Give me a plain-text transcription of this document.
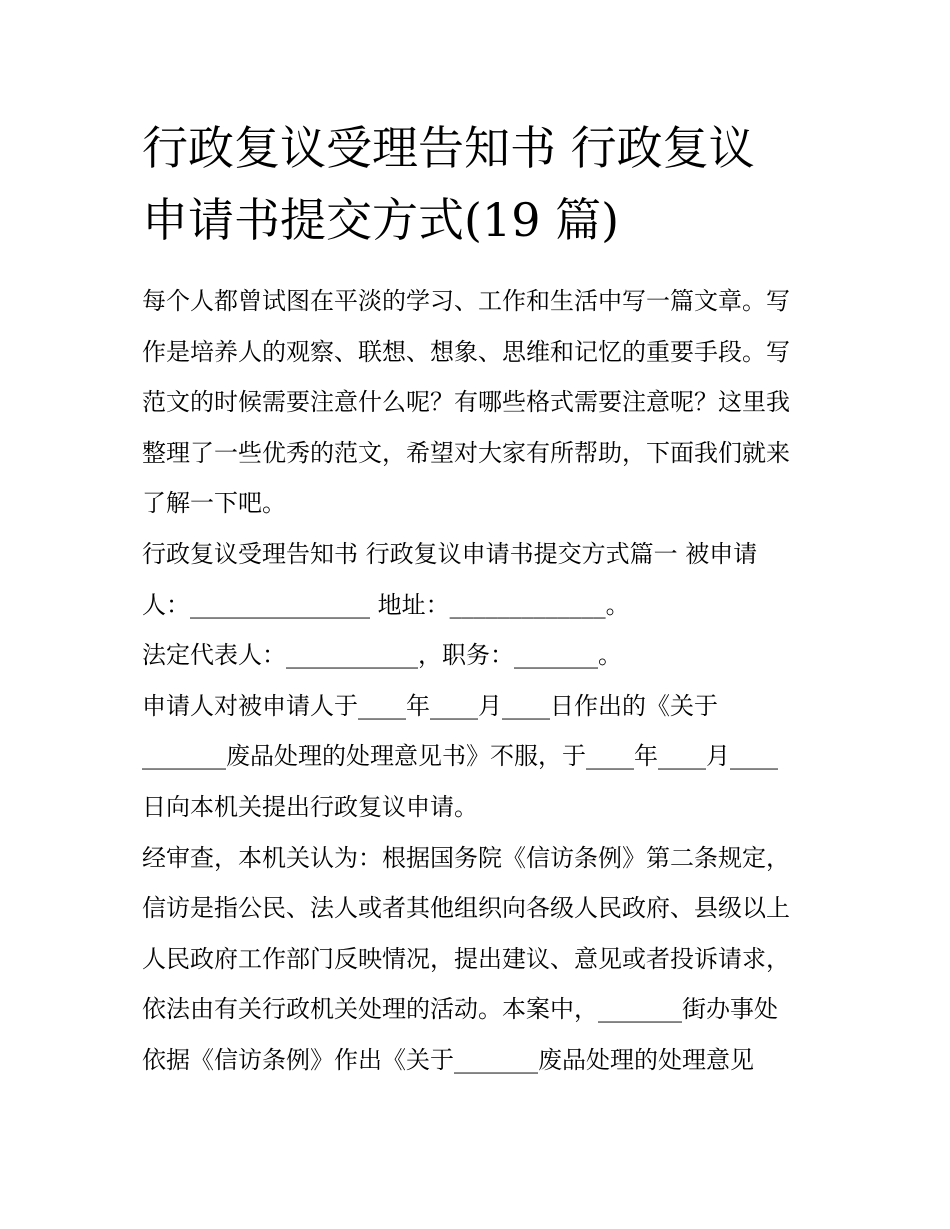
行政复议受理告知书 行政复议
申请书提交方式(19 篇)
每个人都曾试图在平淡的学习、工作和生活中写一篇文章。写
作是培养人的观察、联想、想象、思维和记忆的重要手段。写
范文的时候需要注意什么呢？有哪些格式需要注意呢？这里我
整理了一些优秀的范文，希望对大家有所帮助，下面我们就来
了解一下吧。
行政复议受理告知书 行政复议申请书提交方式篇一 被申请
人：_______________ 地址：_____________。
法定代表人：___________，职务：_______。
申请人对被申请人于____年____月____日作出的《关于
_______废品处理的处理意见书》不服，于____年____月____
日向本机关提出行政复议申请。
经审查，本机关认为：根据国务院《信访条例》第二条规定，
信访是指公民、法人或者其他组织向各级人民政府、县级以上
人民政府工作部门反映情况，提出建议、意见或者投诉请求，
依法由有关行政机关处理的活动。本案中，_______街办事处
依据《信访条例》作出《关于_______废品处理的处理意见
